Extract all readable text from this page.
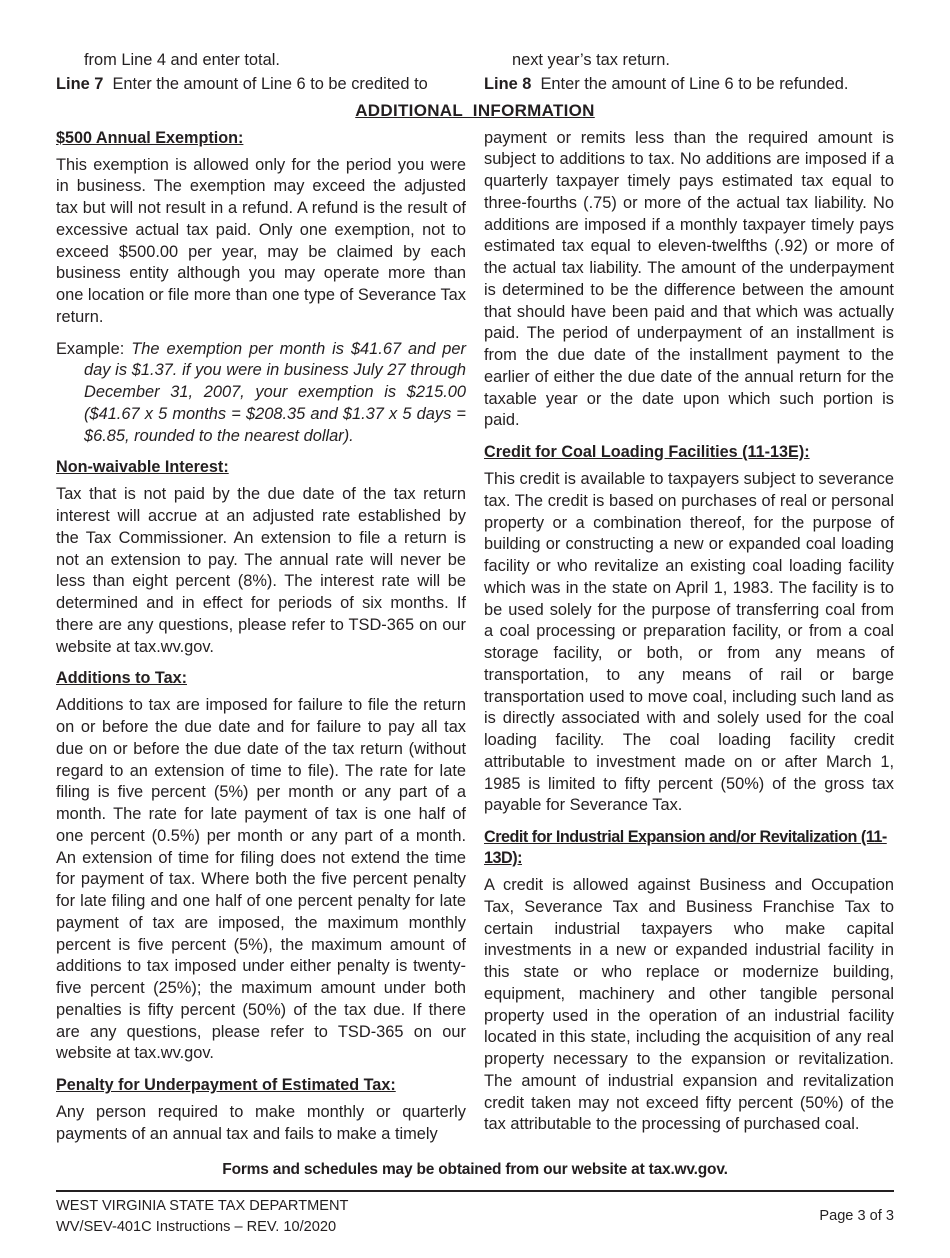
from Line 4 and enter total.	next year’s tax return.
Line 7 Enter the amount of Line 6 to be credited to	Line 8 Enter the amount of Line 6 to be refunded.
ADDITIONAL  INFORMATION
$500 Annual Exemption:

This exemption is allowed only for the period you were in business. The exemption may exceed the adjusted tax but will not result in a refund. A refund is the result of excessive actual tax paid. Only one exemption, not to exceed $500.00 per year, may be claimed by each business entity although you may operate more than one location or file more than one type of Severance Tax return.

Example: The exemption per month is $41.67 and per day is $1.37. if you were in business July 27 through December 31, 2007, your exemption is $215.00 ($41.67 x 5 months = $208.35 and $1.37 x 5 days = $6.85, rounded to the nearest dollar).

Non-waivable Interest:

Tax that is not paid by the due date of the tax return interest will accrue at an adjusted rate established by the Tax Commissioner. An extension to file a return is not an extension to pay. The annual rate will never be less than eight percent (8%). The interest rate will be determined and in effect for periods of six months. If there are any questions, please refer to TSD-365 on our website at tax.wv.gov.

Additions to Tax:

Additions to tax are imposed for failure to file the return on or before the due date and for failure to pay all tax due on or before the due date of the tax return (without regard to an extension of time to file). The rate for late filing is five percent (5%) per month or any part of a month. The rate for late payment of tax is one half of one percent (0.5%) per month or any part of a month. An extension of time for filing does not extend the time for payment of tax. Where both the five percent penalty for late filing and one half of one percent penalty for late payment of tax are imposed, the maximum monthly percent is five percent (5%), the maximum amount of additions to tax imposed under either penalty is twenty-five percent (25%); the maximum amount under both penalties is fifty percent (50%) of the tax due. If there are any questions, please refer to TSD-365 on our website at tax.wv.gov.

Penalty for Underpayment of Estimated Tax:

Any person required to make monthly or quarterly payments of an annual tax and fails to make a timely

payment or remits less than the required amount is subject to additions to tax. No additions are imposed if a quarterly taxpayer timely pays estimated tax equal to three-fourths (.75) or more of the actual tax liability. No additions are imposed if a monthly taxpayer timely pays estimated tax equal to eleven-twelfths (.92) or more of the actual tax liability. The amount of the underpayment is determined to be the difference between the amount that should have been paid and that which was actually paid. The period of underpayment of an installment is from the due date of the installment payment to the earlier of either the due date of the annual return for the taxable year or the date upon which such portion is paid.

Credit for Coal Loading Facilities (11-13E):

This credit is available to taxpayers subject to severance tax. The credit is based on purchases of real or personal property or a combination thereof, for the purpose of building or constructing a new or expanded coal loading facility or who revitalize an existing coal loading facility which was in the state on April 1, 1983. The facility is to be used solely for the purpose of transferring coal from a coal processing or preparation facility, or from a coal storage facility, or both, or from any means of transportation, to any means of rail or barge transportation used to move coal, including such land as is directly associated with and solely used for the coal loading facility. The coal loading facility credit attributable to investment made on or after March 1, 1985 is limited to fifty percent (50%) of the gross tax payable for Severance Tax.

Credit for Industrial Expansion and/or Revitalization (11-13D):

A credit is allowed against Business and Occupation Tax, Severance Tax and Business Franchise Tax to certain industrial taxpayers who make capital investments in a new or expanded industrial facility in this state or who replace or modernize building, equipment, machinery and other tangible personal property used in the operation of an industrial facility located in this state, including the acquisition of any real property necessary to the expansion or revitalization. The amount of industrial expansion and revitalization credit taken may not exceed fifty percent (50%) of the tax attributable to the processing of purchased coal.

Forms and schedules may be obtained from our website at tax.wv.gov.
WEST VIRGINIA STATE TAX DEPARTMENT
WV/SEV-401C Instructions – REV. 10/2020
Page 3 of 3
